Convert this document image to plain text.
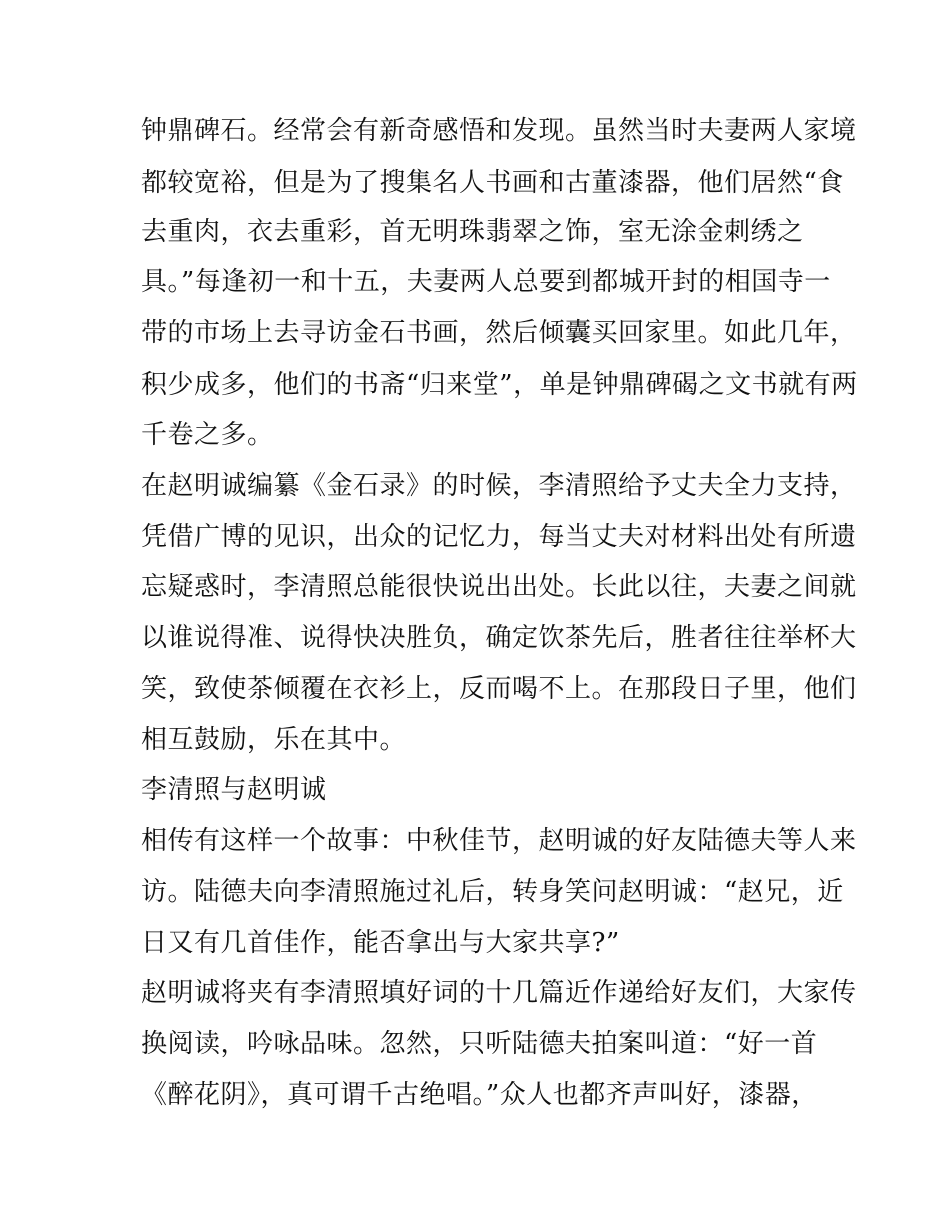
钟鼎碑石。经常会有新奇感悟和发现。虽然当时夫妻两人家境
都较宽裕，但是为了搜集名人书画和古董漆器，他们居然“食
去重肉，衣去重彩，首无明珠翡翠之饰，室无涂金刺绣之
具。”每逢初一和十五，夫妻两人总要到都城开封的相国寺一
带的市场上去寻访金石书画，然后倾囊买回家里。如此几年，
积少成多，他们的书斋“归来堂”，单是钟鼎碑碣之文书就有两
千卷之多。
在赵明诚编纂《金石录》的时候，李清照给予丈夫全力支持，
凭借广博的见识，出众的记忆力，每当丈夫对材料出处有所遗
忘疑惑时，李清照总能很快说出出处。长此以往，夫妻之间就
以谁说得准、说得快决胜负，确定饮茶先后，胜者往往举杯大
笑，致使茶倾覆在衣衫上，反而喝不上。在那段日子里，他们
相互鼓励，乐在其中。
李清照与赵明诚
相传有这样一个故事：中秋佳节，赵明诚的好友陆德夫等人来
访。陆德夫向李清照施过礼后，转身笑问赵明诚：“赵兄，近
日又有几首佳作，能否拿出与大家共享?”
赵明诚将夹有李清照填好词的十几篇近作递给好友们，大家传
换阅读，吟咏品味。忽然，只听陆德夫拍案叫道：“好一首
《醉花阴》，真可谓千古绝唱。”众人也都齐声叫好，漆器，
